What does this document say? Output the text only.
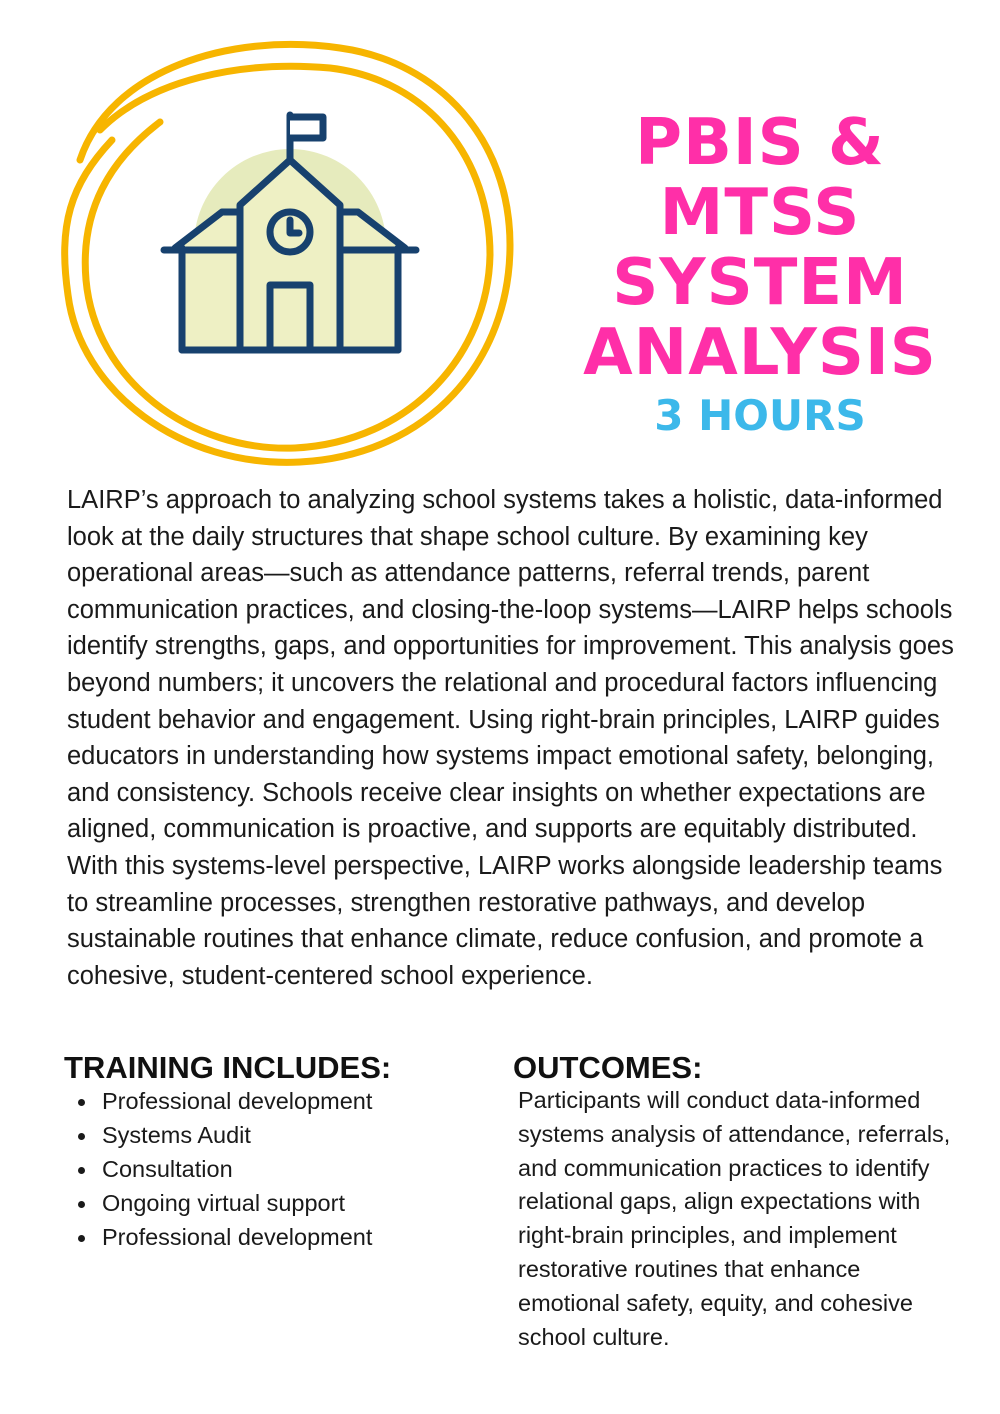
PBIS & MTSS
SYSTEM
ANALYSIS
3 HOURS

LAIRP’s approach to analyzing school systems takes a holistic, data-informed look at the daily structures that shape school culture. By examining key operational areas—such as attendance patterns, referral trends, parent communication practices, and closing-the-loop systems—LAIRP helps schools identify strengths, gaps, and opportunities for improvement. This analysis goes beyond numbers; it uncovers the relational and procedural factors influencing student behavior and engagement. Using right-brain principles, LAIRP guides educators in understanding how systems impact emotional safety, belonging, and consistency. Schools receive clear insights on whether expectations are aligned, communication is proactive, and supports are equitably distributed. With this systems-level perspective, LAIRP works alongside leadership teams to streamline processes, strengthen restorative pathways, and develop sustainable routines that enhance climate, reduce confusion, and promote a cohesive, student-centered school experience.

TRAINING INCLUDES:
Professional development
Systems Audit
Consultation
Ongoing virtual support
Professional development
OUTCOMES:

Participants will conduct data-informed systems analysis of attendance, referrals, and communication practices to identify relational gaps, align expectations with right-brain principles, and implement restorative routines that enhance emotional safety, equity, and cohesive school culture.
